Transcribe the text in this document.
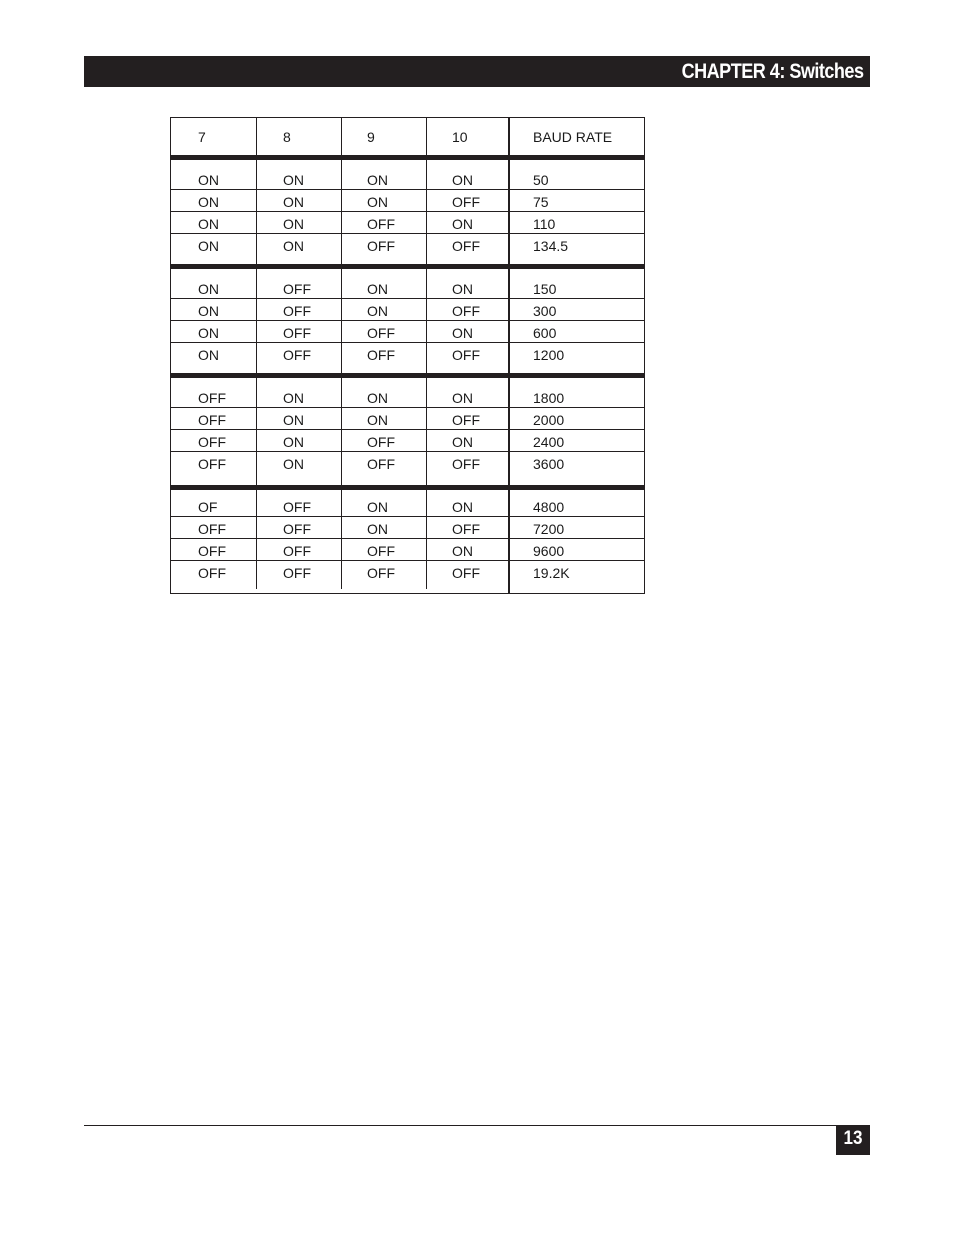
CHAPTER 4: Switches
7	8	9	10	BAUD RATE
ON	ON	ON	ON	50
ON	ON	ON	OFF	75
ON	ON	OFF	ON	110
ON	ON	OFF	OFF	134.5
ON	OFF	ON	ON	150
ON	OFF	ON	OFF	300
ON	OFF	OFF	ON	600
ON	OFF	OFF	OFF	1200
OFF	ON	ON	ON	1800
OFF	ON	ON	OFF	2000
OFF	ON	OFF	ON	2400
OFF	ON	OFF	OFF	3600
OF	OFF	ON	ON	4800
OFF	OFF	ON	OFF	7200
OFF	OFF	OFF	ON	9600
OFF	OFF	OFF	OFF	19.2K
13
